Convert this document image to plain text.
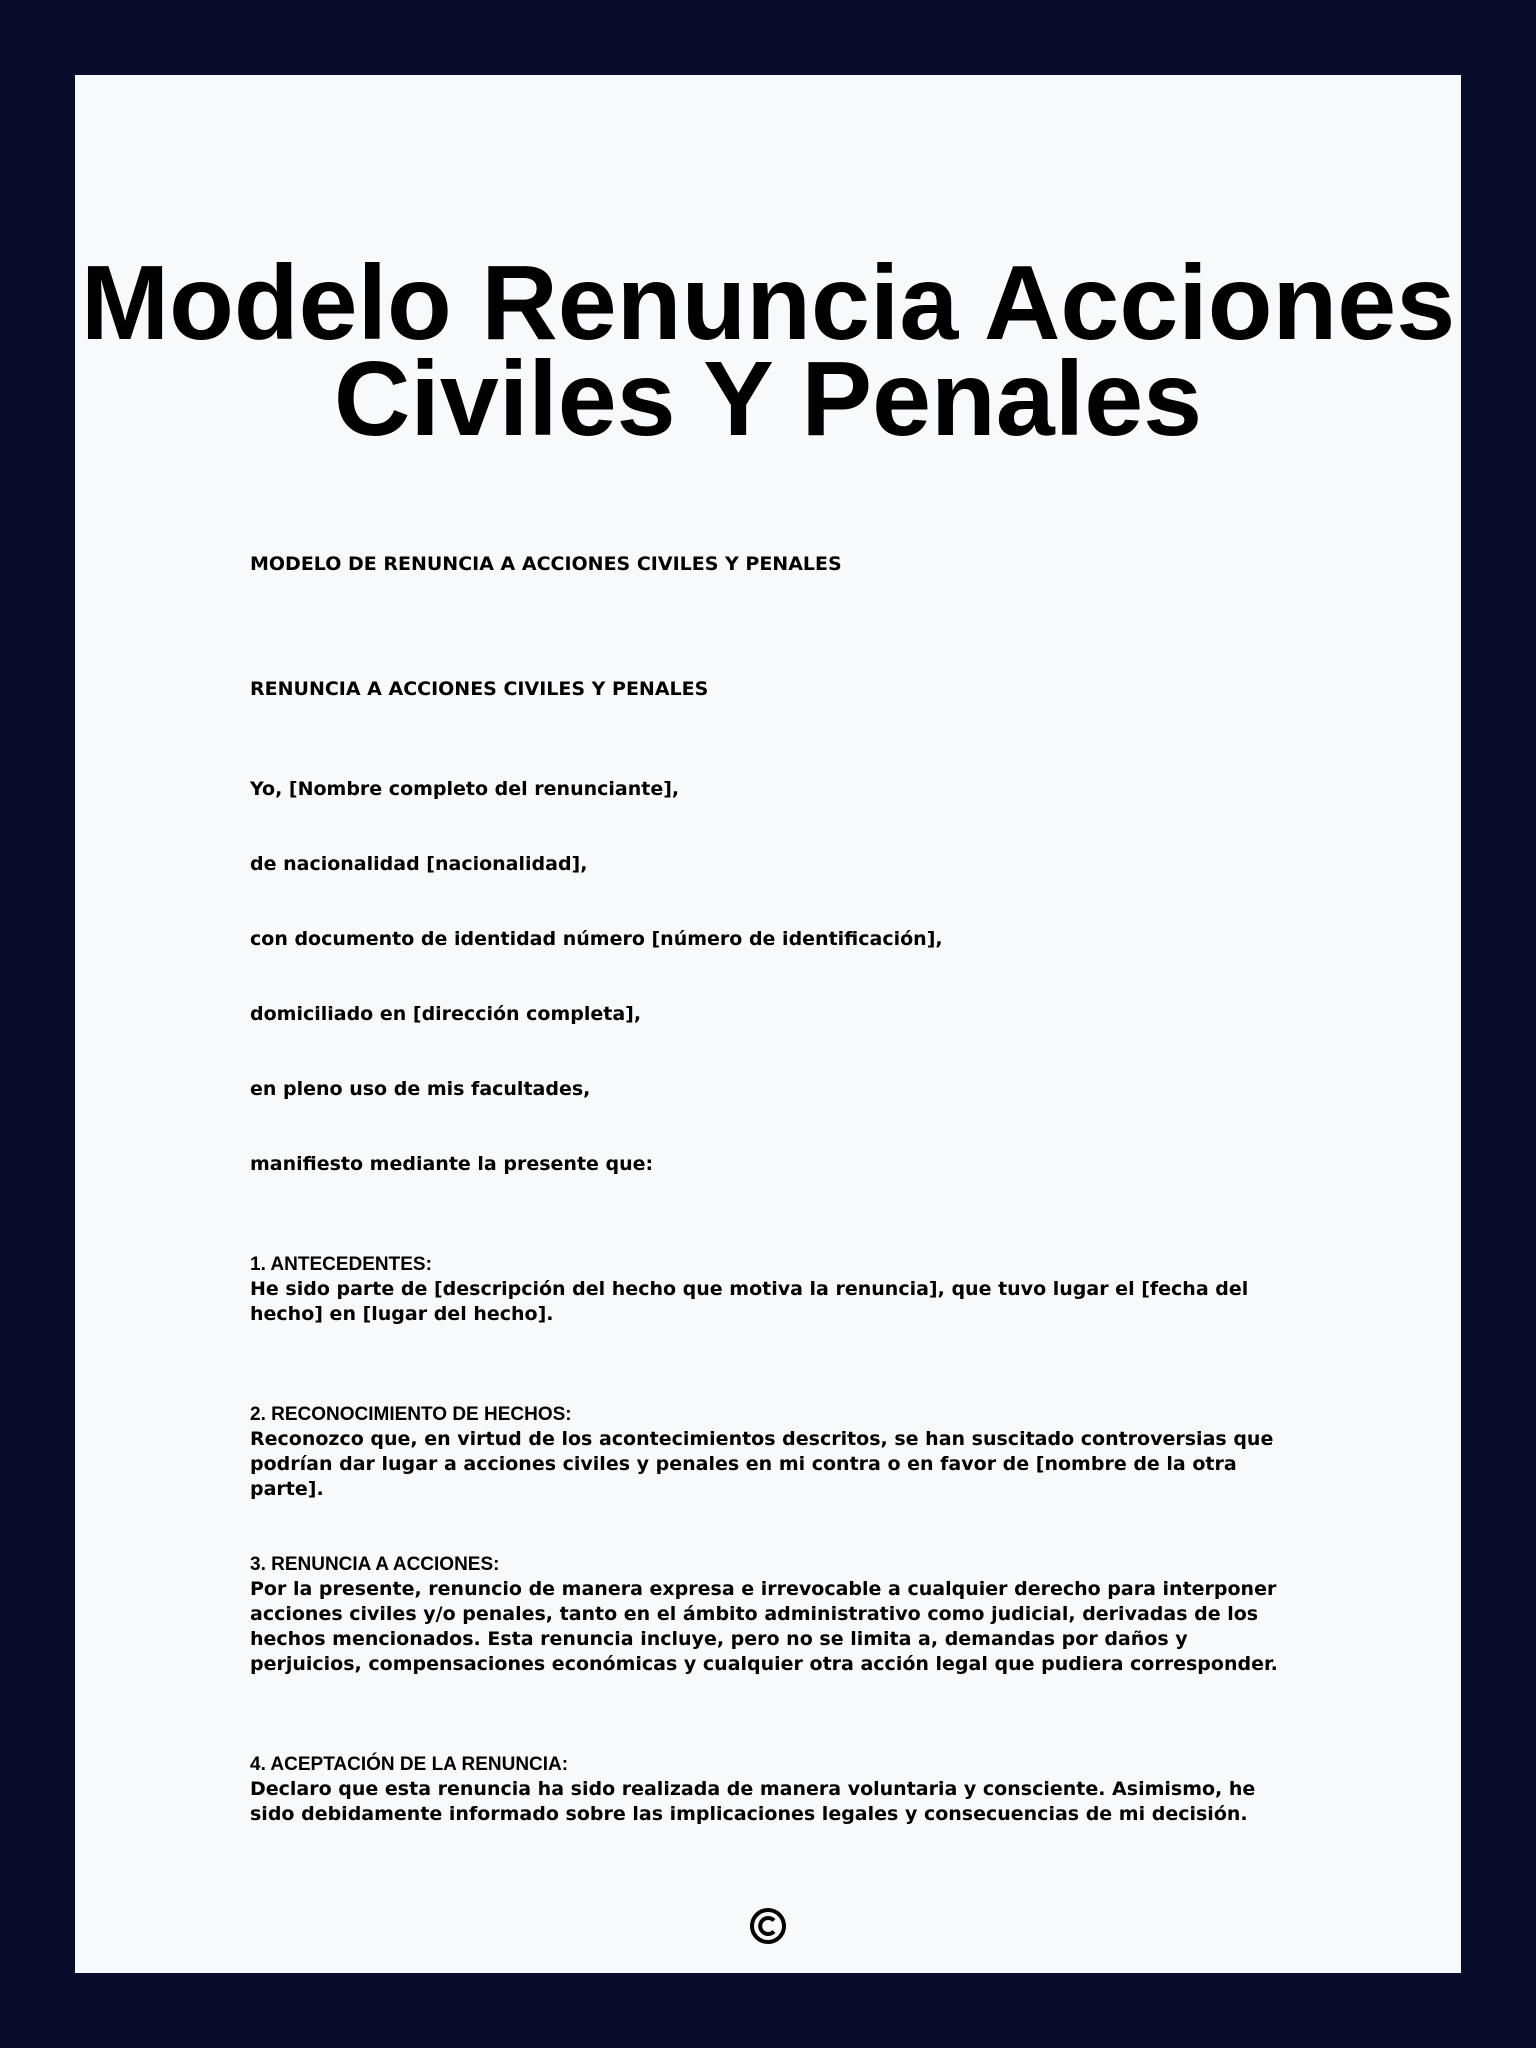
Modelo Renuncia Acciones Civiles Y Penales

MODELO DE RENUNCIA A ACCIONES CIVILES Y PENALES

RENUNCIA A ACCIONES CIVILES Y PENALES

Yo, [Nombre completo del renunciante],

de nacionalidad [nacionalidad],

con documento de identidad número [número de identificación],

domiciliado en [dirección completa],

en pleno uso de mis facultades,

manifiesto mediante la presente que:

1. ANTECEDENTES:
He sido parte de [descripción del hecho que motiva la renuncia], que tuvo lugar el [fecha del hecho] en [lugar del hecho].
2. RECONOCIMIENTO DE HECHOS:
Reconozco que, en virtud de los acontecimientos descritos, se han suscitado controversias que podrían dar lugar a acciones civiles y penales en mi contra o en favor de [nombre de la otra parte].
3. RENUNCIA A ACCIONES:
Por la presente, renuncio de manera expresa e irrevocable a cualquier derecho para interponer acciones civiles y/o penales, tanto en el ámbito administrativo como judicial, derivadas de los hechos mencionados. Esta renuncia incluye, pero no se limita a, demandas por daños y perjuicios, compensaciones económicas y cualquier otra acción legal que pudiera corresponder.
4. ACEPTACIÓN DE LA RENUNCIA:
Declaro que esta renuncia ha sido realizada de manera voluntaria y consciente. Asimismo, he sido debidamente informado sobre las implicaciones legales y consecuencias de mi decisión.
